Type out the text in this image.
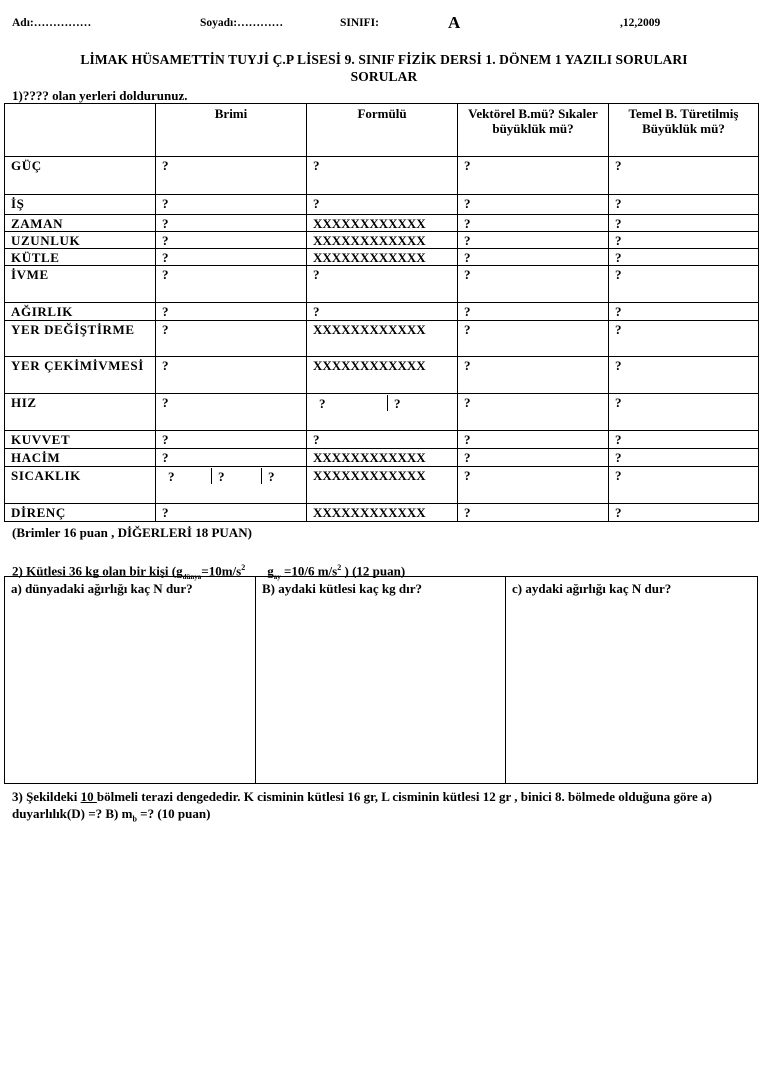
Adı:……………	Soyadı:…………	SINIFI:	A	,12,2009
LİMAK HÜSAMETTİN TUYJİ Ç.P LİSESİ 9. SINIF FİZİK DERSİ 1. DÖNEM 1 YAZILI SORULARI
SORULAR
1)???? olan yerleri doldurunuz.
	Brimi	Formülü	Vektörel B.mü? Sıkaler büyüklük mü?	Temel B. Türetilmiş Büyüklük mü?
GÜÇ	?	?	?	?
İŞ	?	?	?	?
ZAMAN	?	XXXXXXXXXXXX	?	?
UZUNLUK	?	XXXXXXXXXXXX	?	?
KÜTLE	?	XXXXXXXXXXXX	?	?
İVME	?	?	?	?
AĞIRLIK	?	?	?	?
YER DEĞİŞTİRME	?	XXXXXXXXXXXX	?	?
YER ÇEKİMİVMESİ	?	XXXXXXXXXXXX	?	?
HIZ	?	? ?	?	?
KUVVET	?	?	?	?
HACİM	?	XXXXXXXXXXXX	?	?
SICAKLIK	? ? ?	XXXXXXXXXXXX	?	?
DİRENÇ	?	XXXXXXXXXXXX	?	?
(Brimler 16 puan , DİĞERLERİ 18 PUAN)
2) Kütlesi 36 kg olan bir kişi ($g_{dünya}=10m/s^2$ $g_{ay} =10/6$ $m/s^2$ ) (12 puan)
a) dünyadaki ağırlığı kaç N dur?	B) aydaki kütlesi kaç kg dır?	c) aydaki ağırlığı kaç N dur?
3) Şekildeki 10 bölmeli terazi dengededir. K cisminin kütlesi 16 gr, L cisminin kütlesi 12 gr , binici 8. bölmede olduğuna göre a) duyarlılık(D) =? B) $m_b$ =? (10 puan)
